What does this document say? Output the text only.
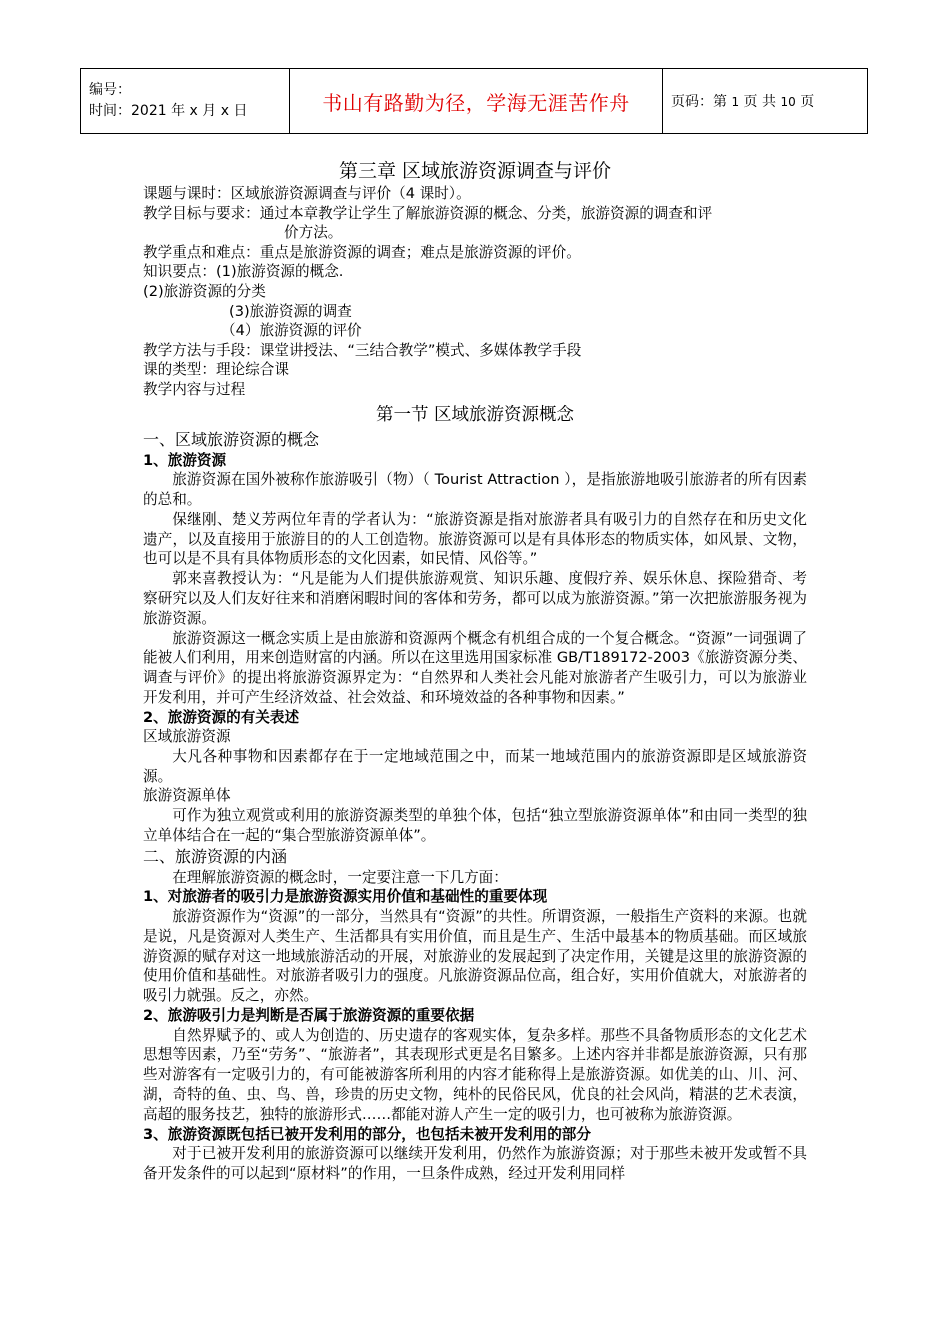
编号：
时间：2021 年 x 月 x 日	书山有路勤为径，学海无涯苦作舟	页码：第 1 页 共 10 页
第三章 区域旅游资源调查与评价
课题与课时：区域旅游资源调查与评价（4 课时）。
教学目标与要求：通过本章教学让学生了解旅游资源的概念、分类，旅游资源的调查和评
价方法。
教学重点和难点：重点是旅游资源的调查；难点是旅游资源的评价。
知识要点：(1)旅游资源的概念.
(2)旅游资源的分类
(3)旅游资源的调查
（4）旅游资源的评价
教学方法与手段：课堂讲授法、“三结合教学”模式、多媒体教学手段
课的类型：理论综合课
教学内容与过程
第一节 区域旅游资源概念
一、区域旅游资源的概念
1、旅游资源
旅游资源在国外被称作旅游吸引（物）（ Tourist Attraction ），是指旅游地吸引旅游者的所有因素的总和。
保继刚、楚义芳两位年青的学者认为：“旅游资源是指对旅游者具有吸引力的自然存在和历史文化遗产，以及直接用于旅游目的的人工创造物。旅游资源可以是有具体形态的物质实体，如风景、文物，也可以是不具有具体物质形态的文化因素，如民情、风俗等。”
郭来喜教授认为：“凡是能为人们提供旅游观赏、知识乐趣、度假疗养、娱乐休息、探险猎奇、考察研究以及人们友好往来和消磨闲暇时间的客体和劳务，都可以成为旅游资源。”第一次把旅游服务视为旅游资源。
旅游资源这一概念实质上是由旅游和资源两个概念有机组合成的一个复合概念。“资源”一词强调了能被人们利用，用来创造财富的内涵。所以在这里选用国家标准 GB/T189172-2003《旅游资源分类、调查与评价》的提出将旅游资源界定为：“自然界和人类社会凡能对旅游者产生吸引力，可以为旅游业开发利用，并可产生经济效益、社会效益、和环境效益的各种事物和因素。”
2、旅游资源的有关表述
区域旅游资源
大凡各种事物和因素都存在于一定地域范围之中，而某一地域范围内的旅游资源即是区域旅游资源。
旅游资源单体
可作为独立观赏或利用的旅游资源类型的单独个体，包括“独立型旅游资源单体”和由同一类型的独立单体结合在一起的“集合型旅游资源单体”。
二、旅游资源的内涵
在理解旅游资源的概念时，一定要注意一下几方面：
1、对旅游者的吸引力是旅游资源实用价值和基础性的重要体现
旅游资源作为“资源”的一部分，当然具有“资源”的共性。所谓资源，一般指生产资料的来源。也就是说，凡是资源对人类生产、生活都具有实用价值，而且是生产、生活中最基本的物质基础。而区域旅游资源的赋存对这一地域旅游活动的开展，对旅游业的发展起到了决定作用，关键是这里的旅游资源的使用价值和基础性。对旅游者吸引力的强度。凡旅游资源品位高，组合好，实用价值就大，对旅游者的吸引力就强。反之，亦然。
2、旅游吸引力是判断是否属于旅游资源的重要依据
自然界赋予的、或人为创造的、历史遗存的客观实体，复杂多样。那些不具备物质形态的文化艺术思想等因素，乃至“劳务”、“旅游者”，其表现形式更是名目繁多。上述内容并非都是旅游资源，只有那些对游客有一定吸引力的，有可能被游客所利用的内容才能称得上是旅游资源。如优美的山、川、河、湖，奇特的鱼、虫、鸟、兽，珍贵的历史文物，纯朴的民俗民风，优良的社会风尚，精湛的艺术表演，高超的服务技艺，独特的旅游形式……都能对游人产生一定的吸引力，也可被称为旅游资源。
3、旅游资源既包括已被开发利用的部分，也包括未被开发利用的部分
对于已被开发利用的旅游资源可以继续开发利用，仍然作为旅游资源；对于那些未被开发或暂不具备开发条件的可以起到“原材料”的作用，一旦条件成熟，经过开发利用同样
